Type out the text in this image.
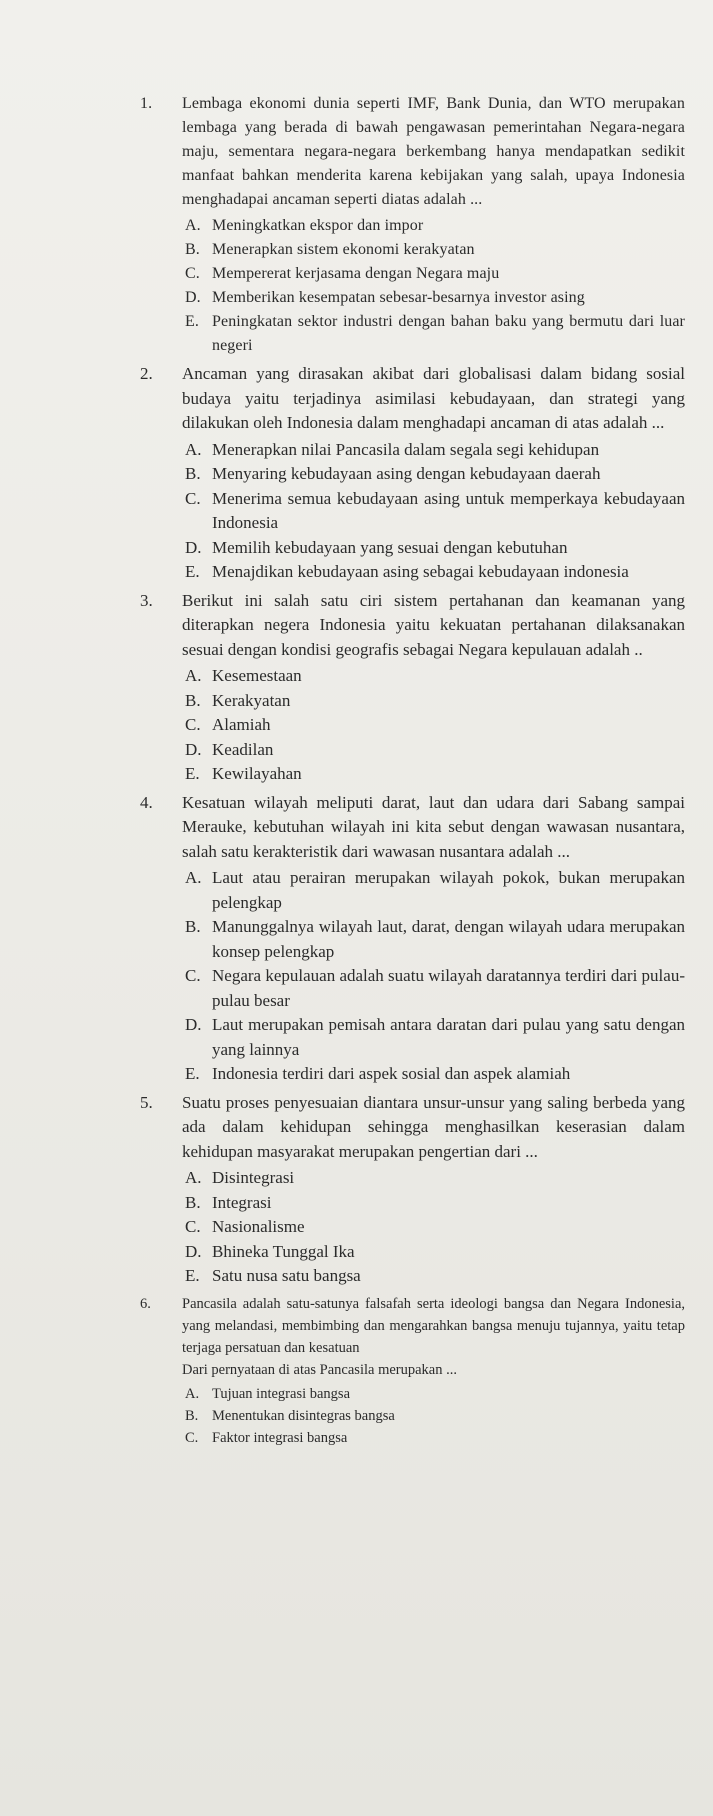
1. Lembaga ekonomi dunia seperti IMF, Bank Dunia, dan WTO merupakan lembaga yang berada di bawah pengawasan pemerintahan Negara-negara maju, sementara negara-negara berkembang hanya mendapatkan sedikit manfaat bahkan menderita karena kebijakan yang salah, upaya Indonesia menghadapai ancaman seperti diatas adalah ...

A. Meningkatkan ekspor dan impor
B. Menerapkan sistem ekonomi kerakyatan
C. Mempererat kerjasama dengan Negara maju
D. Memberikan kesempatan sebesar-besarnya investor asing
E. Peningkatan sektor industri dengan bahan baku yang bermutu dari luar negeri
2. Ancaman yang dirasakan akibat dari globalisasi dalam bidang sosial budaya yaitu terjadinya asimilasi kebudayaan, dan strategi yang dilakukan oleh Indonesia dalam menghadapi ancaman di atas adalah ...

A. Menerapkan nilai Pancasila dalam segala segi kehidupan
B. Menyaring kebudayaan asing dengan kebudayaan daerah
C. Menerima semua kebudayaan asing untuk memperkaya kebudayaan Indonesia
D. Memilih kebudayaan yang sesuai dengan kebutuhan
E. Menajdikan kebudayaan asing sebagai kebudayaan indonesia
3. Berikut ini salah satu ciri sistem pertahanan dan keamanan yang diterapkan negera Indonesia yaitu kekuatan pertahanan dilaksanakan sesuai dengan kondisi geografis sebagai Negara kepulauan adalah ..

A. Kesemestaan
B. Kerakyatan
C. Alamiah
D. Keadilan
E. Kewilayahan
4. Kesatuan wilayah meliputi darat, laut dan udara dari Sabang sampai Merauke, kebutuhan wilayah ini kita sebut dengan wawasan nusantara, salah satu kerakteristik dari wawasan nusantara adalah ...

A. Laut atau perairan merupakan wilayah pokok, bukan merupakan pelengkap
B. Manunggalnya wilayah laut, darat, dengan wilayah udara merupakan konsep pelengkap
C. Negara kepulauan adalah suatu wilayah daratannya terdiri dari pulau-pulau besar
D. Laut merupakan pemisah antara daratan dari pulau yang satu dengan yang lainnya
E. Indonesia terdiri dari aspek sosial dan aspek alamiah
5. Suatu proses penyesuaian diantara unsur-unsur yang saling berbeda yang ada dalam kehidupan sehingga menghasilkan keserasian dalam kehidupan masyarakat merupakan pengertian dari ...

A. Disintegrasi
B. Integrasi
C. Nasionalisme
D. Bhineka Tunggal Ika
E. Satu nusa satu bangsa
6. Pancasila adalah satu-satunya falsafah serta ideologi bangsa dan Negara Indonesia, yang melandasi, membimbing dan mengarahkan bangsa menuju tujannya, yaitu tetap terjaga persatuan dan kesatuan

Dari pernyataan di atas Pancasila merupakan ...

A. Tujuan integrasi bangsa
B. Menentukan disintegras bangsa
C. Faktor integrasi bangsa
